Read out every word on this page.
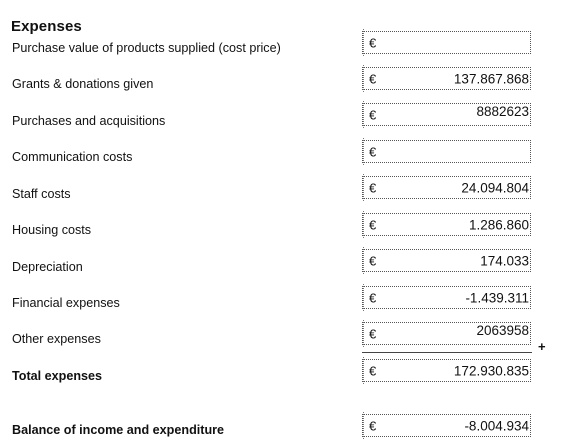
Expenses
Purchase value of products supplied (cost price)	€
Grants & donations given	€	137.867.868
Purchases and acquisitions	€	8882623
Communication costs	€
Staff costs	€	24.094.804
Housing costs	€	1.286.860
Depreciation	€	174.033
Financial expenses	€	-1.439.311
Other expenses	€	2063958
+
Total expenses	€	172.930.835
Balance of income and expenditure	€	-8.004.934
